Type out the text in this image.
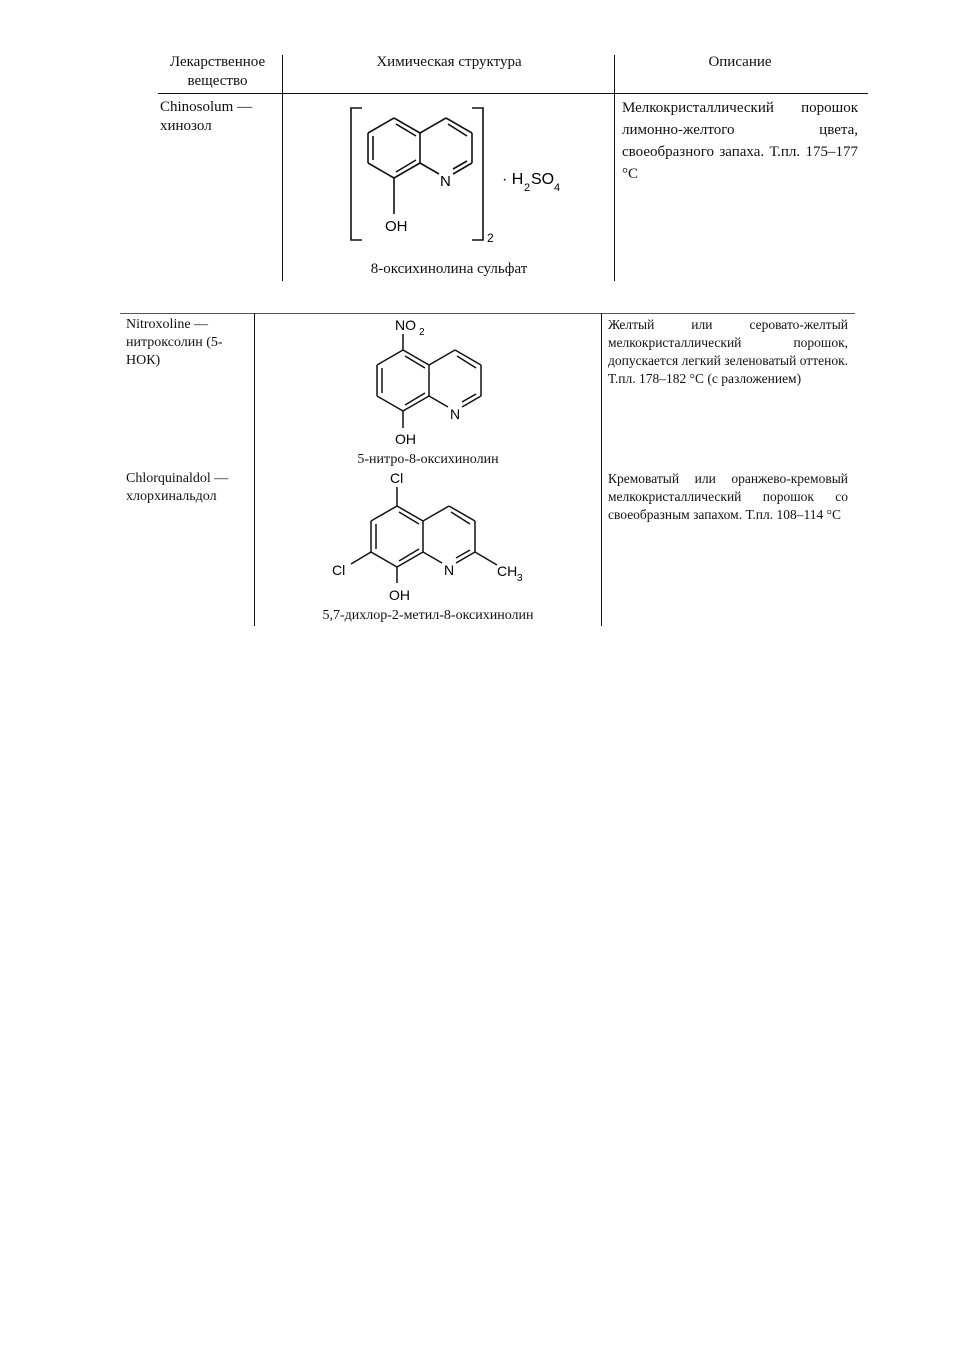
Лекарственное вещество
Химическая структура	Описание
Chinosolum — хинозол
Мелкокристаллический порошок лимонно-желтого цвета, своеобразного запаха. Т.пл. 175–177 °С
N
OH
2
· H 2 SO 4
8-оксихинолина сульфат
Nitroxoline — нитроксолин (5-НОК)
Желтый или серовато-желтый мелкокристаллический порошок, допускается легкий зеленоватый оттенок. Т.пл. 178–182 °С (с разложением)
NO 2
N
OH
5-нитро-8-оксихинолин
Chlorquinaldol — хлорхинальдол
Кремоватый или оранжево-кремовый мелкокристаллический порошок со своеобразным запахом. Т.пл. 108–114 °С
Cl
N	CH 3
Cl
OH
5,7-дихлор-2-метил-8-оксихинолин
